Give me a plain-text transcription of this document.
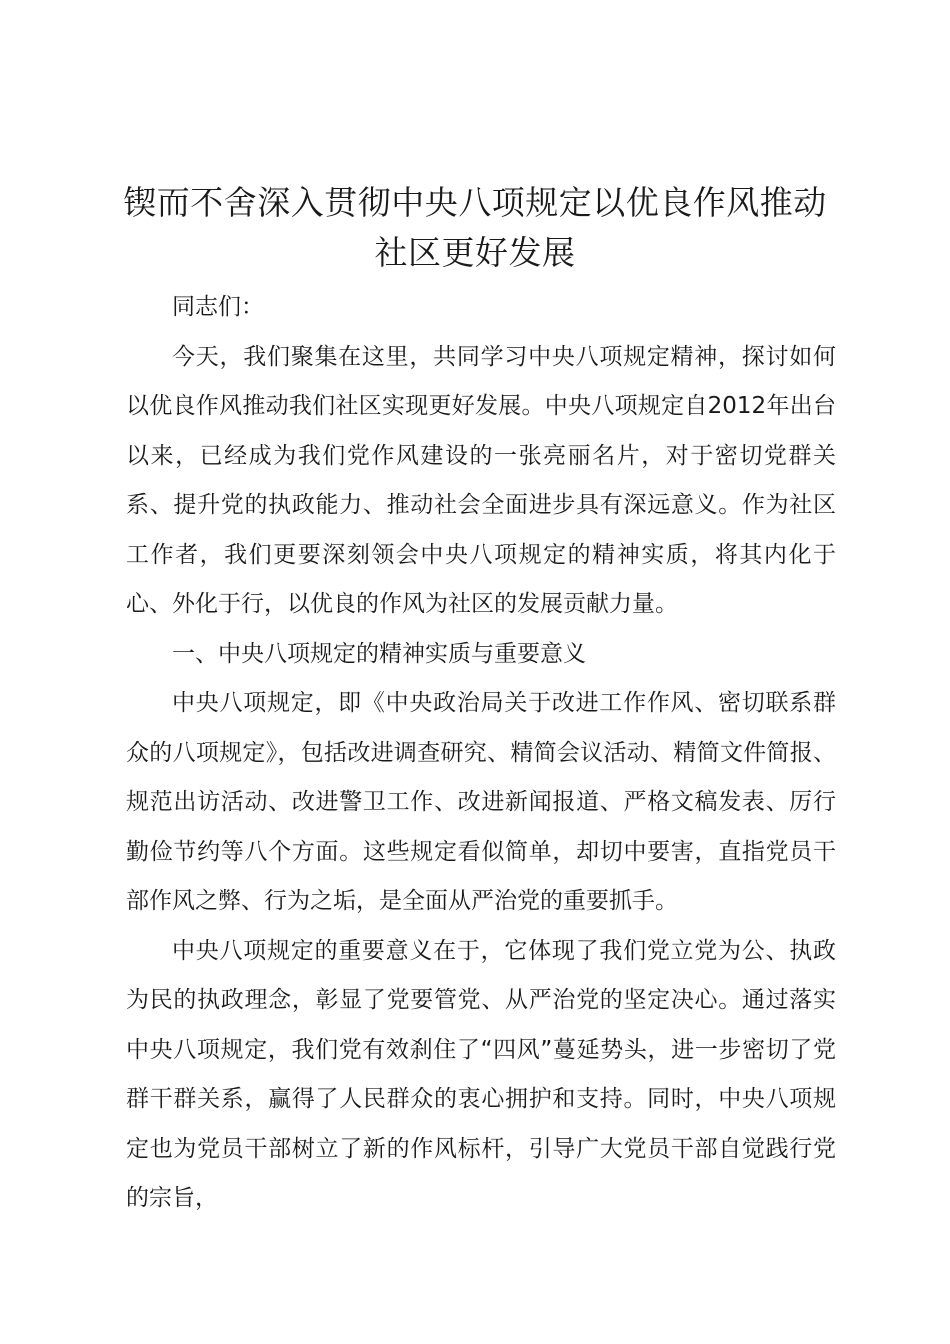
锲而不舍深入贯彻中央八项规定以优良作风推动社区更好发展

同志们：

今天，我们聚集在这里，共同学习中央八项规定精神，探讨如何以优良作风推动我们社区实现更好发展。中央八项规定自2012年出台以来，已经成为我们党作风建设的一张亮丽名片，对于密切党群关系、提升党的执政能力、推动社会全面进步具有深远意义。作为社区工作者，我们更要深刻领会中央八项规定的精神实质，将其内化于心、外化于行，以优良的作风为社区的发展贡献力量。

一、中央八项规定的精神实质与重要意义

中央八项规定，即《中央政治局关于改进工作作风、密切联系群众的八项规定》，包括改进调查研究、精简会议活动、精简文件简报、规范出访活动、改进警卫工作、改进新闻报道、严格文稿发表、厉行勤俭节约等八个方面。这些规定看似简单，却切中要害，直指党员干部作风之弊、行为之垢，是全面从严治党的重要抓手。

中央八项规定的重要意义在于，它体现了我们党立党为公、执政为民的执政理念，彰显了党要管党、从严治党的坚定决心。通过落实中央八项规定，我们党有效刹住了“四风”蔓延势头，进一步密切了党群干群关系，赢得了人民群众的衷心拥护和支持。同时，中央八项规定也为党员干部树立了新的作风标杆，引导广大党员干部自觉践行党的宗旨，
